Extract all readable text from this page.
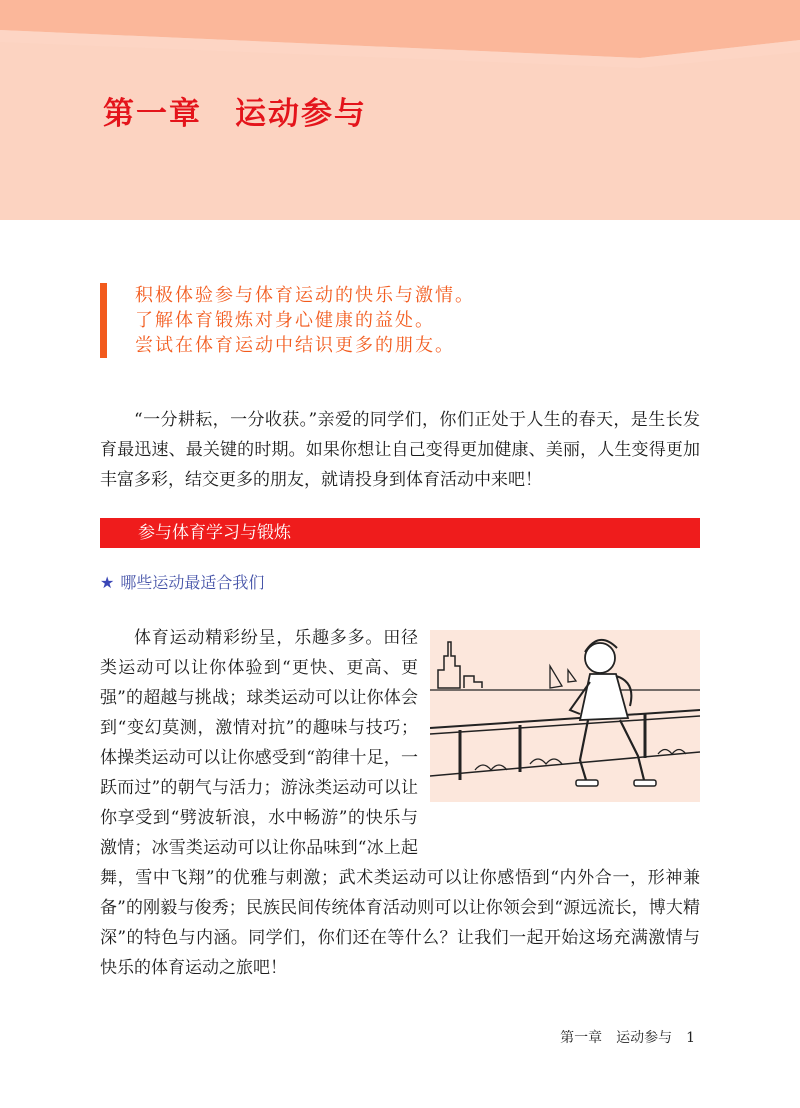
第一章　运动参与
积极体验参与体育运动的快乐与激情。
了解体育锻炼对身心健康的益处。
尝试在体育运动中结识更多的朋友。
“一分耕耘，一分收获。”亲爱的同学们，你们正处于人生的春天，是生长发育最迅速、最关键的时期。如果你想让自己变得更加健康、美丽，人生变得更加丰富多彩，结交更多的朋友，就请投身到体育活动中来吧！
参与体育学习与锻炼
★ 哪些运动最适合我们

体育运动精彩纷呈，乐趣多多。田径类运动可以让你体验到“更快、更高、更强”的超越与挑战；球类运动可以让你体会到“变幻莫测，激情对抗”的趣味与技巧；体操类运动可以让你感受到“韵律十足，一跃而过”的朝气与活力；游泳类运动可以让你享受到“劈波斩浪，水中畅游”的快乐与激情；冰雪类运动可以让你品味到“冰上起舞，雪中飞翔”的优雅与刺激；武术类运动可以让你感悟到“内外合一，形神兼备”的刚毅与俊秀；民族民间传统体育活动则可以让你领会到“源远流长，博大精深”的特色与内涵。同学们，你们还在等什么？让我们一起开始这场充满激情与快乐的体育运动之旅吧！

第一章 运动参与 1
